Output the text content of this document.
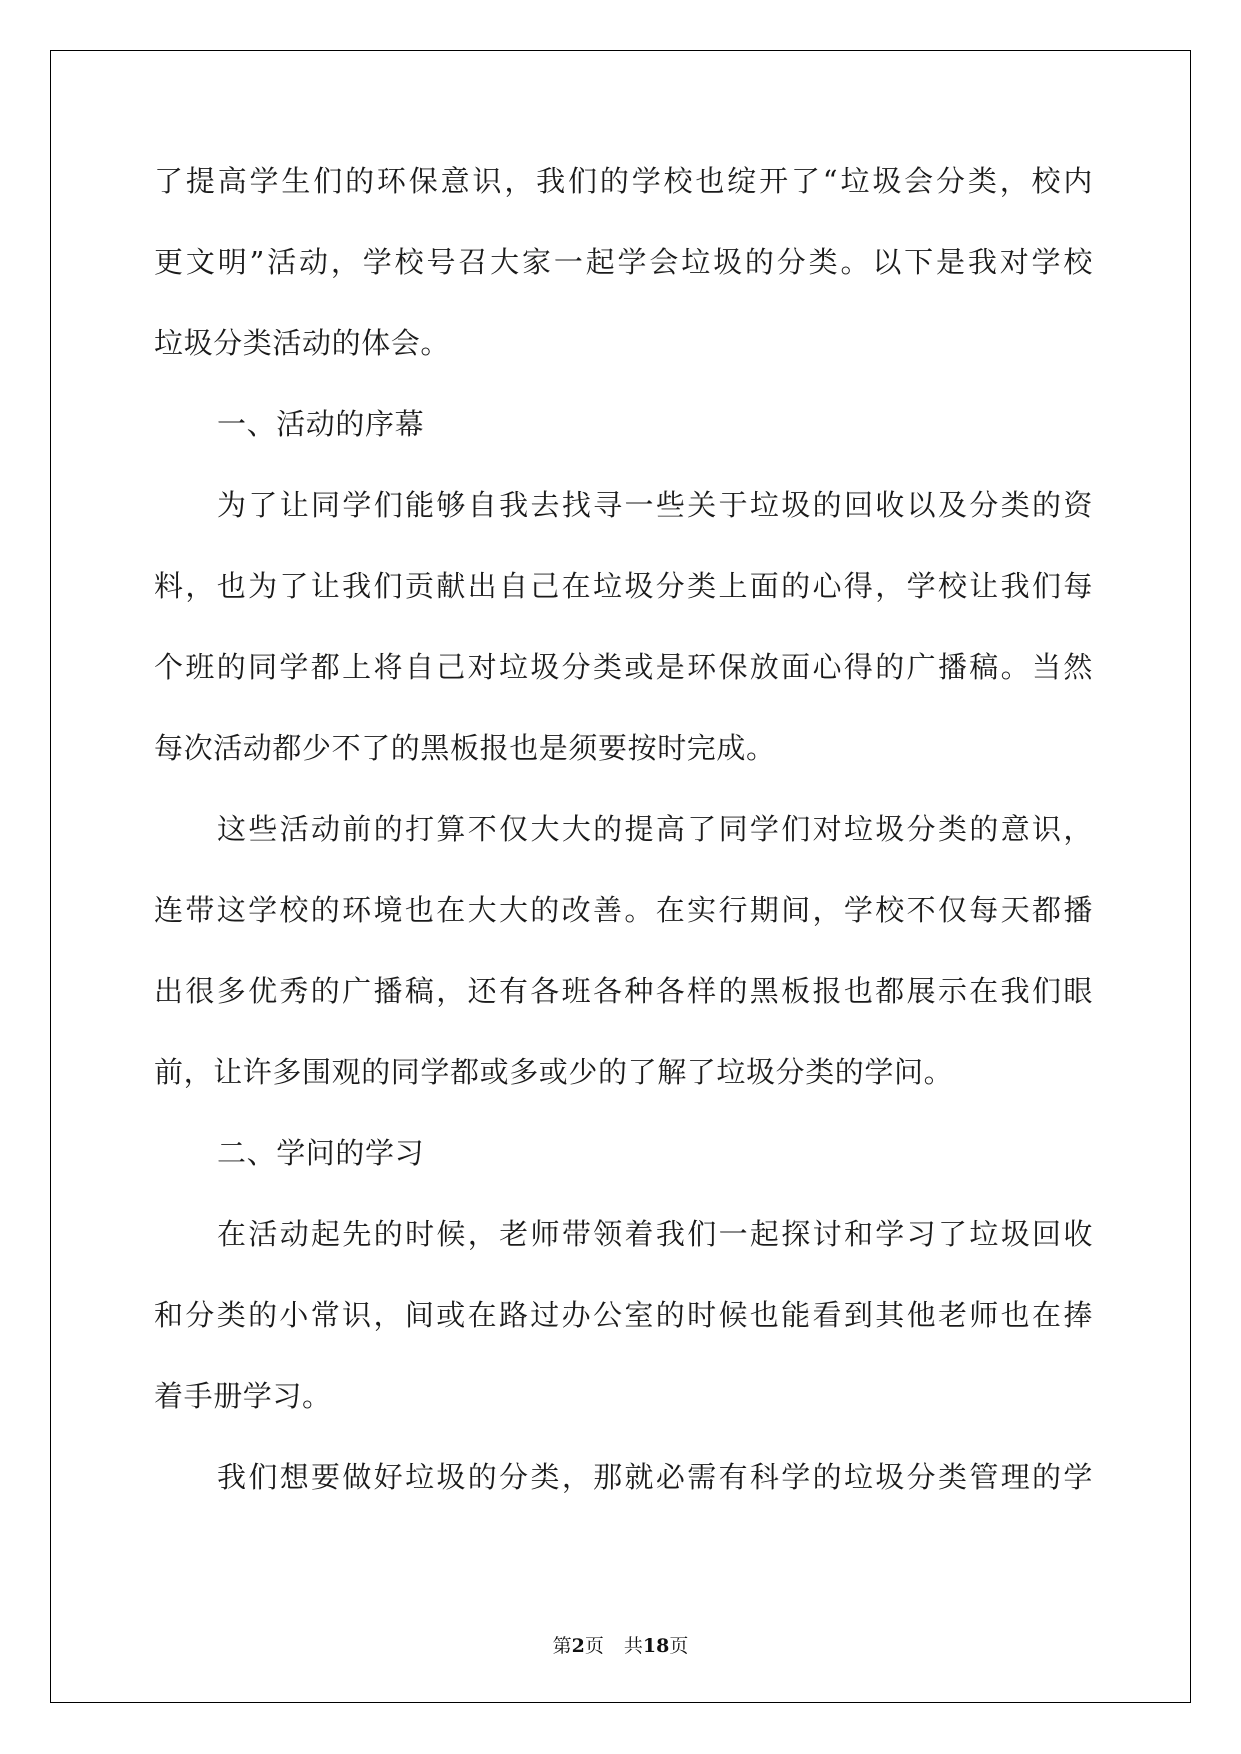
了提高学生们的环保意识，我们的学校也绽开了“垃圾会分类，校内
更文明”活动，学校号召大家一起学会垃圾的分类。以下是我对学校
垃圾分类活动的体会。
一、活动的序幕
为了让同学们能够自我去找寻一些关于垃圾的回收以及分类的资
料，也为了让我们贡献出自己在垃圾分类上面的心得，学校让我们每
个班的同学都上将自己对垃圾分类或是环保放面心得的广播稿。当然
每次活动都少不了的黑板报也是须要按时完成。
这些活动前的打算不仅大大的提高了同学们对垃圾分类的意识，
连带这学校的环境也在大大的改善。在实行期间，学校不仅每天都播
出很多优秀的广播稿，还有各班各种各样的黑板报也都展示在我们眼
前，让许多围观的同学都或多或少的了解了垃圾分类的学问。
二、学问的学习
在活动起先的时候，老师带领着我们一起探讨和学习了垃圾回收
和分类的小常识，间或在路过办公室的时候也能看到其他老师也在捧
着手册学习。
我们想要做好垃圾的分类，那就必需有科学的垃圾分类管理的学
第2页 共18页
